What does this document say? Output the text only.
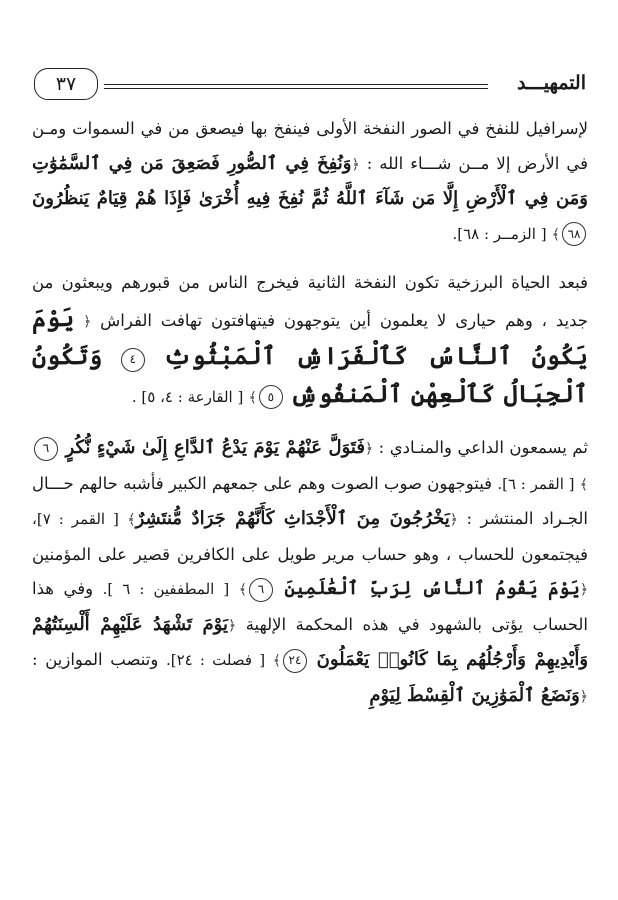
٣٧	التمهيـــد

لإسرافيل للنفخ في الصور النفخة الأولى فينفخ بها فيصعق من في السموات ومـن في الأرض إلا مــن شـــاء الله : ﴿وَنُفِخَ فِي ٱلصُّورِ فَصَعِقَ مَن فِي ٱلسَّمَٰوَٰتِ وَمَن فِي ٱلْأَرْضِ إِلَّا مَن شَآءَ ٱللَّهُ ثُمَّ نُفِخَ فِيهِ أُخْرَىٰ فَإِذَا هُمْ قِيَامٌ يَنظُرُونَ ٦٨﴾ [ الزمــر : ٦٨].

فبعد الحياة البرزخية تكون النفخة الثانية فيخرج الناس من قبورهم ويبعثون من جديد ، وهم حيارى لا يعلمون أين يتوجهون فيتهافتون تهافت الفراش ﴿ يَوْمَ يَكُونُ ٱلنَّاسُ كَٱلْفَرَاشِ ٱلْمَبْثُوثِ ٤ وَتَكُونُ ٱلْجِبَالُ كَٱلْعِهْنِ ٱلْمَنفُوشِ ٥﴾ [ القارعة : ٤، ٥] .

ثم يسمعون الداعي والمنـادي : ﴿فَتَوَلَّ عَنْهُمْ يَوْمَ يَدْعُ ٱلدَّاعِ إِلَىٰ شَيْءٍ نُّكُرٍ ٦﴾ [ القمر : ٦]. فيتوجهون صوب الصوت وهم على جمعهم الكبير فأشبه حالهم حـــال الجـراد المنتشر : ﴿يَخْرُجُونَ مِنَ ٱلْأَجْدَاثِ كَأَنَّهُمْ جَرَادٌ مُّنتَشِرٌ﴾ [ القمر : ٧]، فيجتمعون للحساب ، وهو حساب مرير طويل على الكافرين قصير على المؤمنين ﴿يَوْمَ يَقُومُ ٱلنَّاسُ لِرَبِّ ٱلْعَٰلَمِينَ ٦﴾ [ المطففين : ٦ ]. وفي هذا الحساب يؤتى بالشهود في هذه المحكمة الإلهية ﴿يَوْمَ تَشْهَدُ عَلَيْهِمْ أَلْسِنَتُهُمْ وَأَيْدِيهِمْ وَأَرْجُلُهُم بِمَا كَانُوا۟ يَعْمَلُونَ ٢٤﴾ [ فصلت : ٢٤]. وتنصب الموازين : ﴿وَنَضَعُ ٱلْمَوَٰزِينَ ٱلْقِسْطَ لِيَوْمِ
